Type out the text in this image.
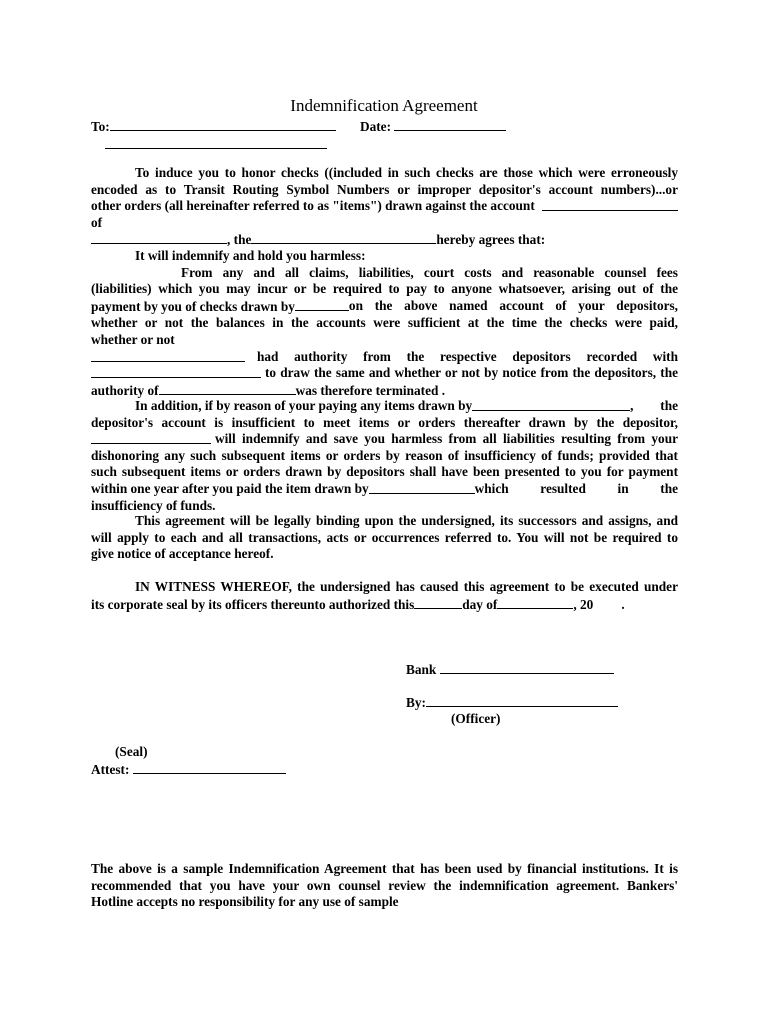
Indemnification Agreement
To:	Date:
To induce you to honor checks ((included in such checks are those which were erroneously
encoded as to Transit Routing Symbol Numbers or improper depositor's account numbers)...or
other orders (all hereinafter referred to as "items") drawn against the account of
, the	hereby agrees that:
It will indemnify and hold you harmless:
From any and all claims, liabilities, court costs and reasonable counsel fees
(liabilities) which you may incur or be required to pay to anyone whatsoever, arising out of the
payment by you of checks drawn by	on the above named account of your depositors,
whether or not the balances in the accounts were sufficient at the time the checks were paid,
whether or not
had authority from the respective depositors recorded with
to draw the same and whether or not by notice from the depositors, the
authority of	was therefore terminated .
In addition, if by reason of your paying any items drawn by	, the
depositor's account is insufficient to meet items or orders thereafter drawn by the depositor,
will indemnify and save you harmless from all liabilities resulting from your
dishonoring any such subsequent items or orders by reason of insufficiency of funds; provided that
such subsequent items or orders drawn by depositors shall have been presented to you for payment
within one year after you paid the item drawn by	which resulted in the
insufficiency of funds.
This agreement will be legally binding upon the undersigned, its successors and assigns, and
will apply to each and all transactions, acts or occurrences referred to. You will not be required to
give notice of acceptance hereof.
IN WITNESS WHEREOF, the undersigned has caused this agreement to be executed under
its corporate seal by its officers thereunto authorized this	day of	, 20 .
Bank
By:
(Officer)
(Seal)
Attest:
The above is a sample Indemnification Agreement that has been used by financial institutions. It is
recommended that you have your own counsel review the indemnification agreement. Bankers'
Hotline accepts no responsibility for any use of sample
